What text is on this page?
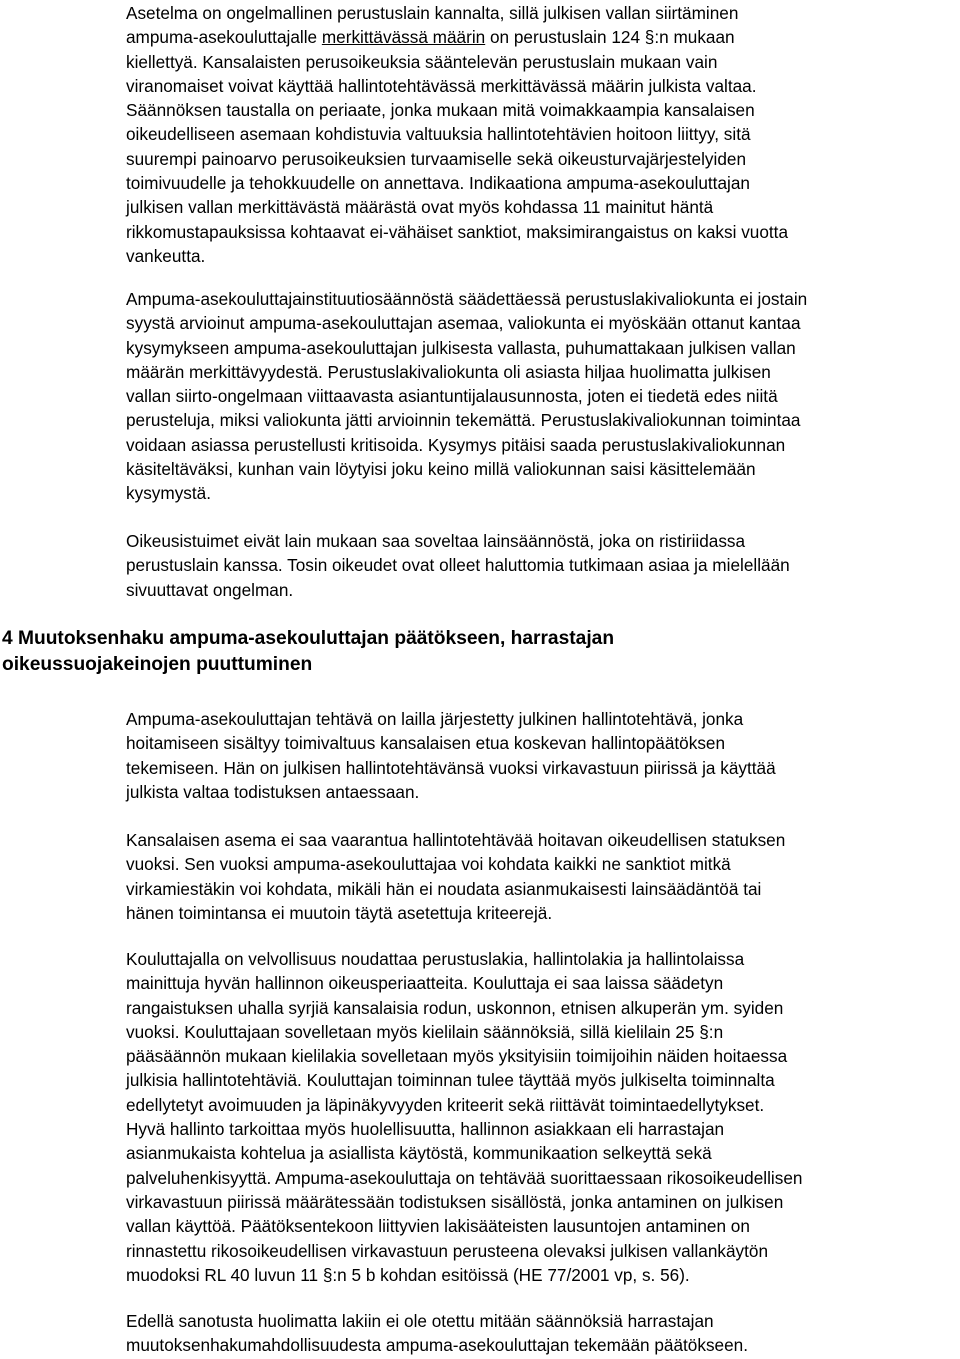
Asetelma on ongelmallinen perustuslain kannalta, sillä julkisen vallan siirtäminen
ampuma-asekouluttajalle merkittävässä määrin on perustuslain 124 §:n mukaan
kiellettyä. Kansalaisten perusoikeuksia sääntelevän perustuslain mukaan vain
viranomaiset voivat käyttää hallintotehtävässä merkittävässä määrin julkista valtaa.
Säännöksen taustalla on periaate, jonka mukaan mitä voimakkaampia kansalaisen
oikeudelliseen asemaan kohdistuvia valtuuksia hallintotehtävien hoitoon liittyy, sitä
suurempi painoarvo perusoikeuksien turvaamiselle sekä oikeusturvajärjestelyiden
toimivuudelle ja tehokkuudelle on annettava. Indikaationa ampuma-asekouluttajan
julkisen vallan merkittävästä määrästä ovat myös kohdassa 11 mainitut häntä
rikkomustapauksissa kohtaavat ei-vähäiset sanktiot, maksimirangaistus on kaksi vuotta
vankeutta.

Ampuma-asekouluttajainstituutiosäännöstä säädettäessä perustuslakivaliokunta ei jostain
syystä arvioinut ampuma-asekouluttajan asemaa, valiokunta ei myöskään ottanut kantaa
kysymykseen ampuma-asekouluttajan julkisesta vallasta, puhumattakaan julkisen vallan
määrän merkittävyydestä. Perustuslakivaliokunta oli asiasta hiljaa huolimatta julkisen
vallan siirto-ongelmaan viittaavasta asiantuntijalausunnosta, joten ei tiedetä edes niitä
perusteluja, miksi valiokunta jätti arvioinnin tekemättä. Perustuslakivaliokunnan toimintaa
voidaan asiassa perustellusti kritisoida. Kysymys pitäisi saada perustuslakivaliokunnan
käsiteltäväksi, kunhan vain löytyisi joku keino millä valiokunnan saisi käsittelemään
kysymystä.

Oikeusistuimet eivät lain mukaan saa soveltaa lainsäännöstä, joka on ristiriidassa
perustuslain kanssa. Tosin oikeudet ovat olleet haluttomia tutkimaan asiaa ja mielellään
sivuuttavat ongelman.

4 Muutoksenhaku ampuma-asekouluttajan päätökseen, harrastajan
oikeussuojakeinojen puuttuminen

Ampuma-asekouluttajan tehtävä on lailla järjestetty julkinen hallintotehtävä, jonka
hoitamiseen sisältyy toimivaltuus kansalaisen etua koskevan hallintopäätöksen
tekemiseen. Hän on julkisen hallintotehtävänsä vuoksi virkavastuun piirissä ja käyttää
julkista valtaa todistuksen antaessaan.

Kansalaisen asema ei saa vaarantua hallintotehtävää hoitavan oikeudellisen statuksen
vuoksi. Sen vuoksi ampuma-asekouluttajaa voi kohdata kaikki ne sanktiot mitkä
virkamiestäkin voi kohdata, mikäli hän ei noudata asianmukaisesti lainsäädäntöä tai
hänen toimintansa ei muutoin täytä asetettuja kriteerejä.

Kouluttajalla on velvollisuus noudattaa perustuslakia, hallintolakia ja hallintolaissa
mainittuja hyvän hallinnon oikeusperiaatteita. Kouluttaja ei saa laissa säädetyn
rangaistuksen uhalla syrjiä kansalaisia rodun, uskonnon, etnisen alkuperän ym. syiden
vuoksi. Kouluttajaan sovelletaan myös kielilain säännöksiä, sillä kielilain 25 §:n
pääsäännön mukaan kielilakia sovelletaan myös yksityisiin toimijoihin näiden hoitaessa
julkisia hallintotehtäviä. Kouluttajan toiminnan tulee täyttää myös julkiselta toiminnalta
edellytetyt avoimuuden ja läpinäkyvyyden kriteerit sekä riittävät toimintaedellytykset.
Hyvä hallinto tarkoittaa myös huolellisuutta, hallinnon asiakkaan eli harrastajan
asianmukaista kohtelua ja asiallista käytöstä, kommunikaation selkeyttä sekä
palveluhenkisyyttä. Ampuma-asekouluttaja on tehtävää suorittaessaan rikosoikeudellisen
virkavastuun piirissä määrätessään todistuksen sisällöstä, jonka antaminen on julkisen
vallan käyttöä. Päätöksentekoon liittyvien lakisääteisten lausuntojen antaminen on
rinnastettu rikosoikeudellisen virkavastuun perusteena olevaksi julkisen vallankäytön
muodoksi RL 40 luvun 11 §:n 5 b kohdan esitöissä (HE 77/2001 vp, s. 56).

Edellä sanotusta huolimatta lakiin ei ole otettu mitään säännöksiä harrastajan
muutoksenhakumahdollisuudesta ampuma-asekouluttajan tekemään päätökseen.
